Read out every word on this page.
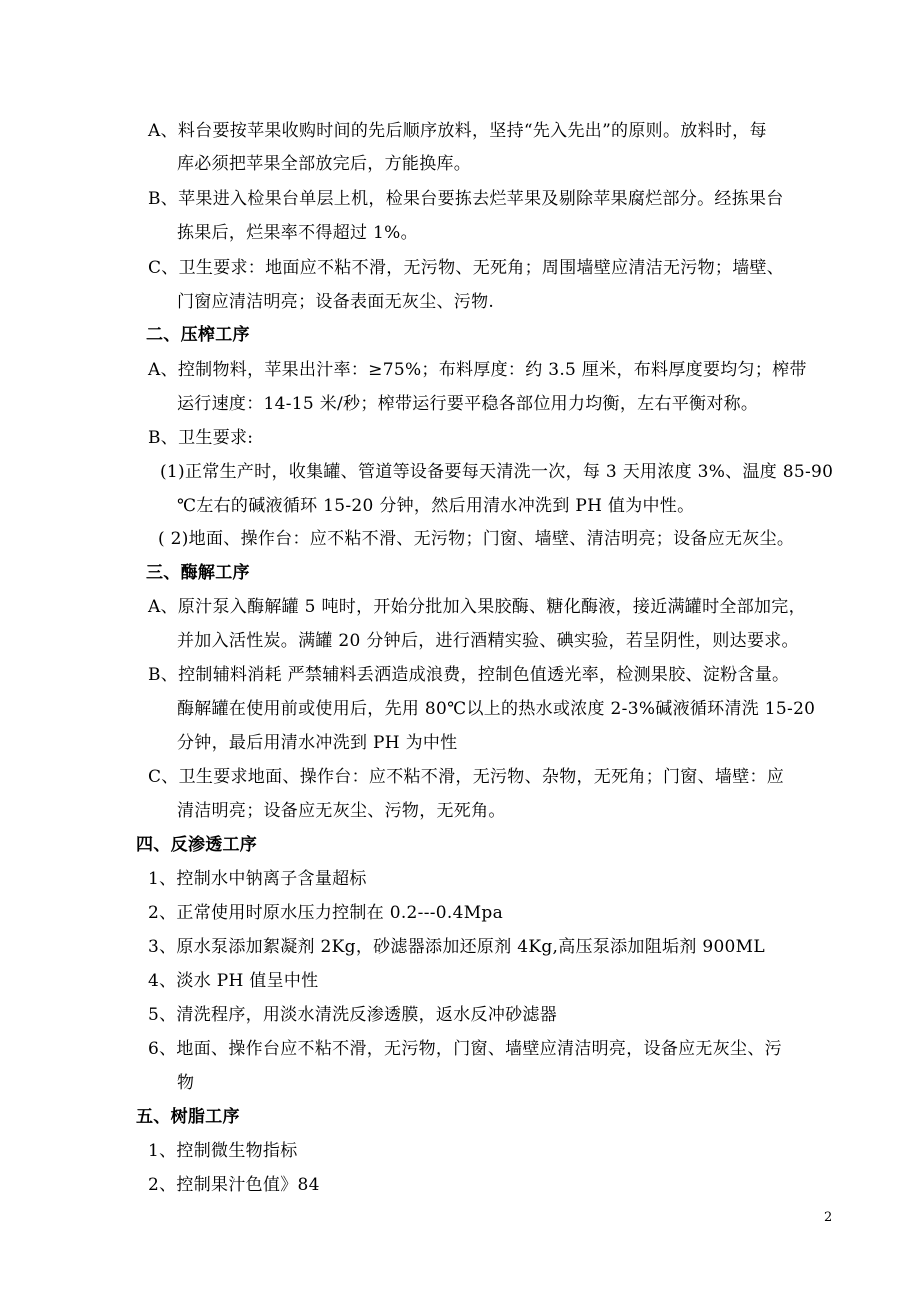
A、料台要按苹果收购时间的先后顺序放料，坚持“先入先出”的原则。放料时，每
库必须把苹果全部放完后，方能换库。
B、苹果进入检果台单层上机，检果台要拣去烂苹果及剔除苹果腐烂部分。经拣果台
拣果后，烂果率不得超过 1%。
C、卫生要求：地面应不粘不滑，无污物、无死角；周围墙壁应清洁无污物；墙壁、
门窗应清洁明亮；设备表面无灰尘、污物.
二、压榨工序
A、控制物料，苹果出汁率：≥75%；布料厚度：约 3.5 厘米，布料厚度要均匀；榨带
运行速度：14-15 米/秒；榨带运行要平稳各部位用力均衡，左右平衡对称。
B、卫生要求:
(1)正常生产时，收集罐、管道等设备要每天清洗一次，每 3 天用浓度 3%、温度 85-90
℃左右的碱液循环 15-20 分钟，然后用清水冲洗到 PH 值为中性。
( 2)地面、操作台：应不粘不滑、无污物；门窗、墙壁、清洁明亮；设备应无灰尘。
三、酶解工序
A、原汁泵入酶解罐 5 吨时，开始分批加入果胶酶、糖化酶液，接近满罐时全部加完，
并加入活性炭。满罐 20 分钟后，进行酒精实验、碘实验，若呈阴性，则达要求。
B、控制辅料消耗 严禁辅料丢洒造成浪费，控制色值透光率，检测果胶、淀粉含量。
酶解罐在使用前或使用后，先用 80℃以上的热水或浓度 2-3%碱液循环清洗 15-20
分钟，最后用清水冲洗到 PH 为中性
C、卫生要求地面、操作台：应不粘不滑，无污物、杂物，无死角；门窗、墙壁：应
清洁明亮；设备应无灰尘、污物，无死角。
四、反渗透工序
1、控制水中钠离子含量超标
2、正常使用时原水压力控制在 0.2---0.4Mpa
3、原水泵添加絮凝剂 2Kg，砂滤器添加还原剂 4Kg,高压泵添加阻垢剂 900ML
4、淡水 PH 值呈中性
5、清洗程序，用淡水清洗反渗透膜，返水反冲砂滤器
6、地面、操作台应不粘不滑，无污物，门窗、墙壁应清洁明亮，设备应无灰尘、污
物
五、树脂工序
1、控制微生物指标
2、控制果汁色值》84
2
